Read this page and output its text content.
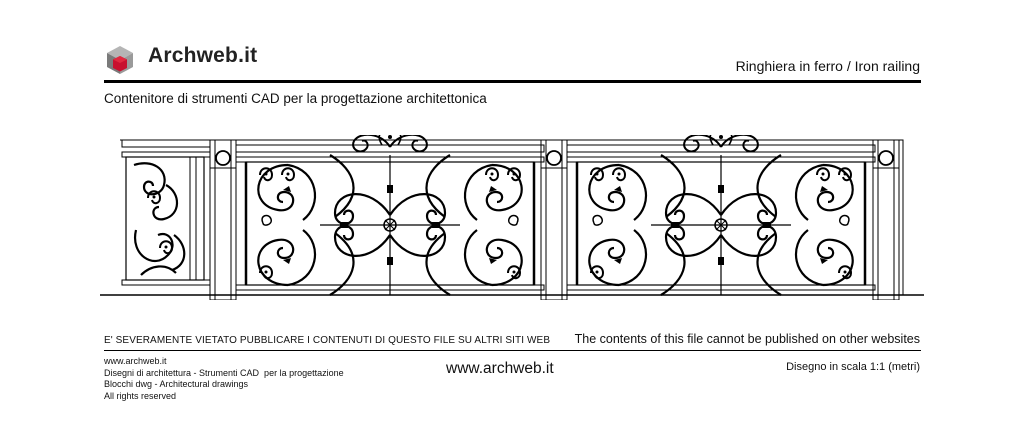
Archweb.it	Ringhiera in ferro / Iron railing
Contenitore di strumenti CAD per la progettazione architettonica
E' SEVERAMENTE VIETATO PUBBLICARE I CONTENUTI DI QUESTO FILE SU ALTRI SITI WEB The contents of this file cannot be published on other websites
www.archweb.it
Disegni di architettura - Strumenti CAD  per la progettazione
Blocchi dwg - Architectural drawings
All rights reserved
www.archweb.it	Disegno in scala 1:1 (metri)
